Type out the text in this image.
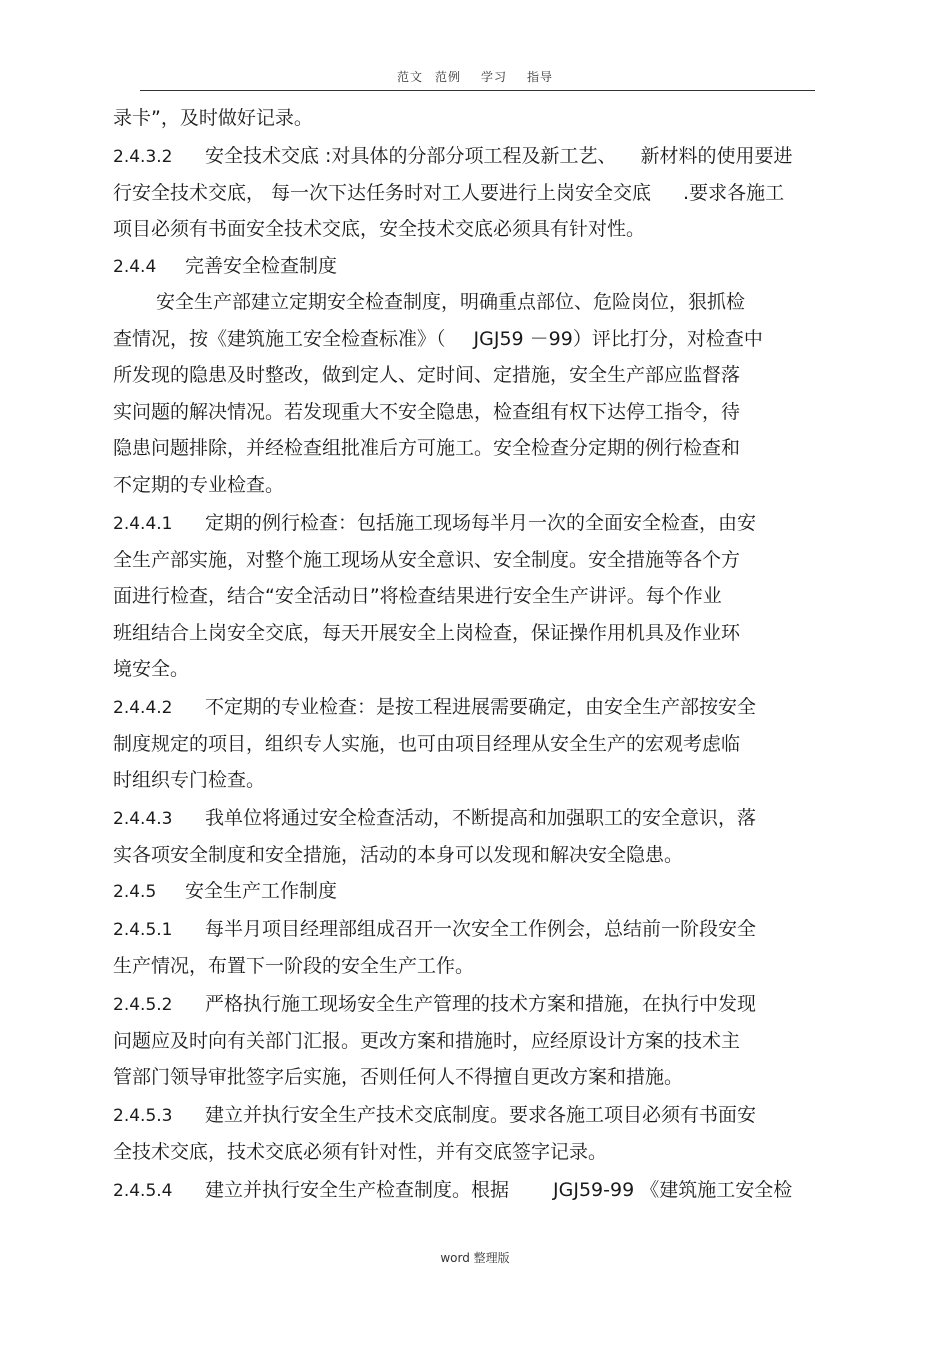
范文 范例 学习 指导
录卡”，及时做好记录。
2.4.3.2 安全技术交底 :对具体的分部分项工程及新工艺、 新材料的使用要进
行安全技术交底， 每一次下达任务时对工人要进行上岗安全交底 .要求各施工
项目必须有书面安全技术交底，安全技术交底必须具有针对性。
2.4.4 完善安全检查制度
安全生产部建立定期安全检查制度，明确重点部位、危险岗位，狠抓检
查情况，按《建筑施工安全检查标准》（ JGJ59 －99）评比打分，对检查中
所发现的隐患及时整改，做到定人、定时间、定措施，安全生产部应监督落
实问题的解决情况。若发现重大不安全隐患，检查组有权下达停工指令，待
隐患问题排除，并经检查组批准后方可施工。安全检查分定期的例行检查和
不定期的专业检查。
2.4.4.1 定期的例行检查：包括施工现场每半月一次的全面安全检查，由安
全生产部实施，对整个施工现场从安全意识、安全制度。安全措施等各个方
面进行检查，结合“安全活动日”将检查结果进行安全生产讲评。每个作业
班组结合上岗安全交底，每天开展安全上岗检查，保证操作用机具及作业环
境安全。
2.4.4.2 不定期的专业检查：是按工程进展需要确定，由安全生产部按安全
制度规定的项目，组织专人实施，也可由项目经理从安全生产的宏观考虑临
时组织专门检查。
2.4.4.3 我单位将通过安全检查活动，不断提高和加强职工的安全意识，落
实各项安全制度和安全措施，活动的本身可以发现和解决安全隐患。
2.4.5 安全生产工作制度
2.4.5.1 每半月项目经理部组成召开一次安全工作例会，总结前一阶段安全
生产情况，布置下一阶段的安全生产工作。
2.4.5.2 严格执行施工现场安全生产管理的技术方案和措施，在执行中发现
问题应及时向有关部门汇报。更改方案和措施时，应经原设计方案的技术主
管部门领导审批签字后实施，否则任何人不得擅自更改方案和措施。
2.4.5.3 建立并执行安全生产技术交底制度。要求各施工项目必须有书面安
全技术交底，技术交底必须有针对性，并有交底签字记录。
2.4.5.4 建立并执行安全生产检查制度。根据 JGJ59-99 《建筑施工安全检
word 整理版
